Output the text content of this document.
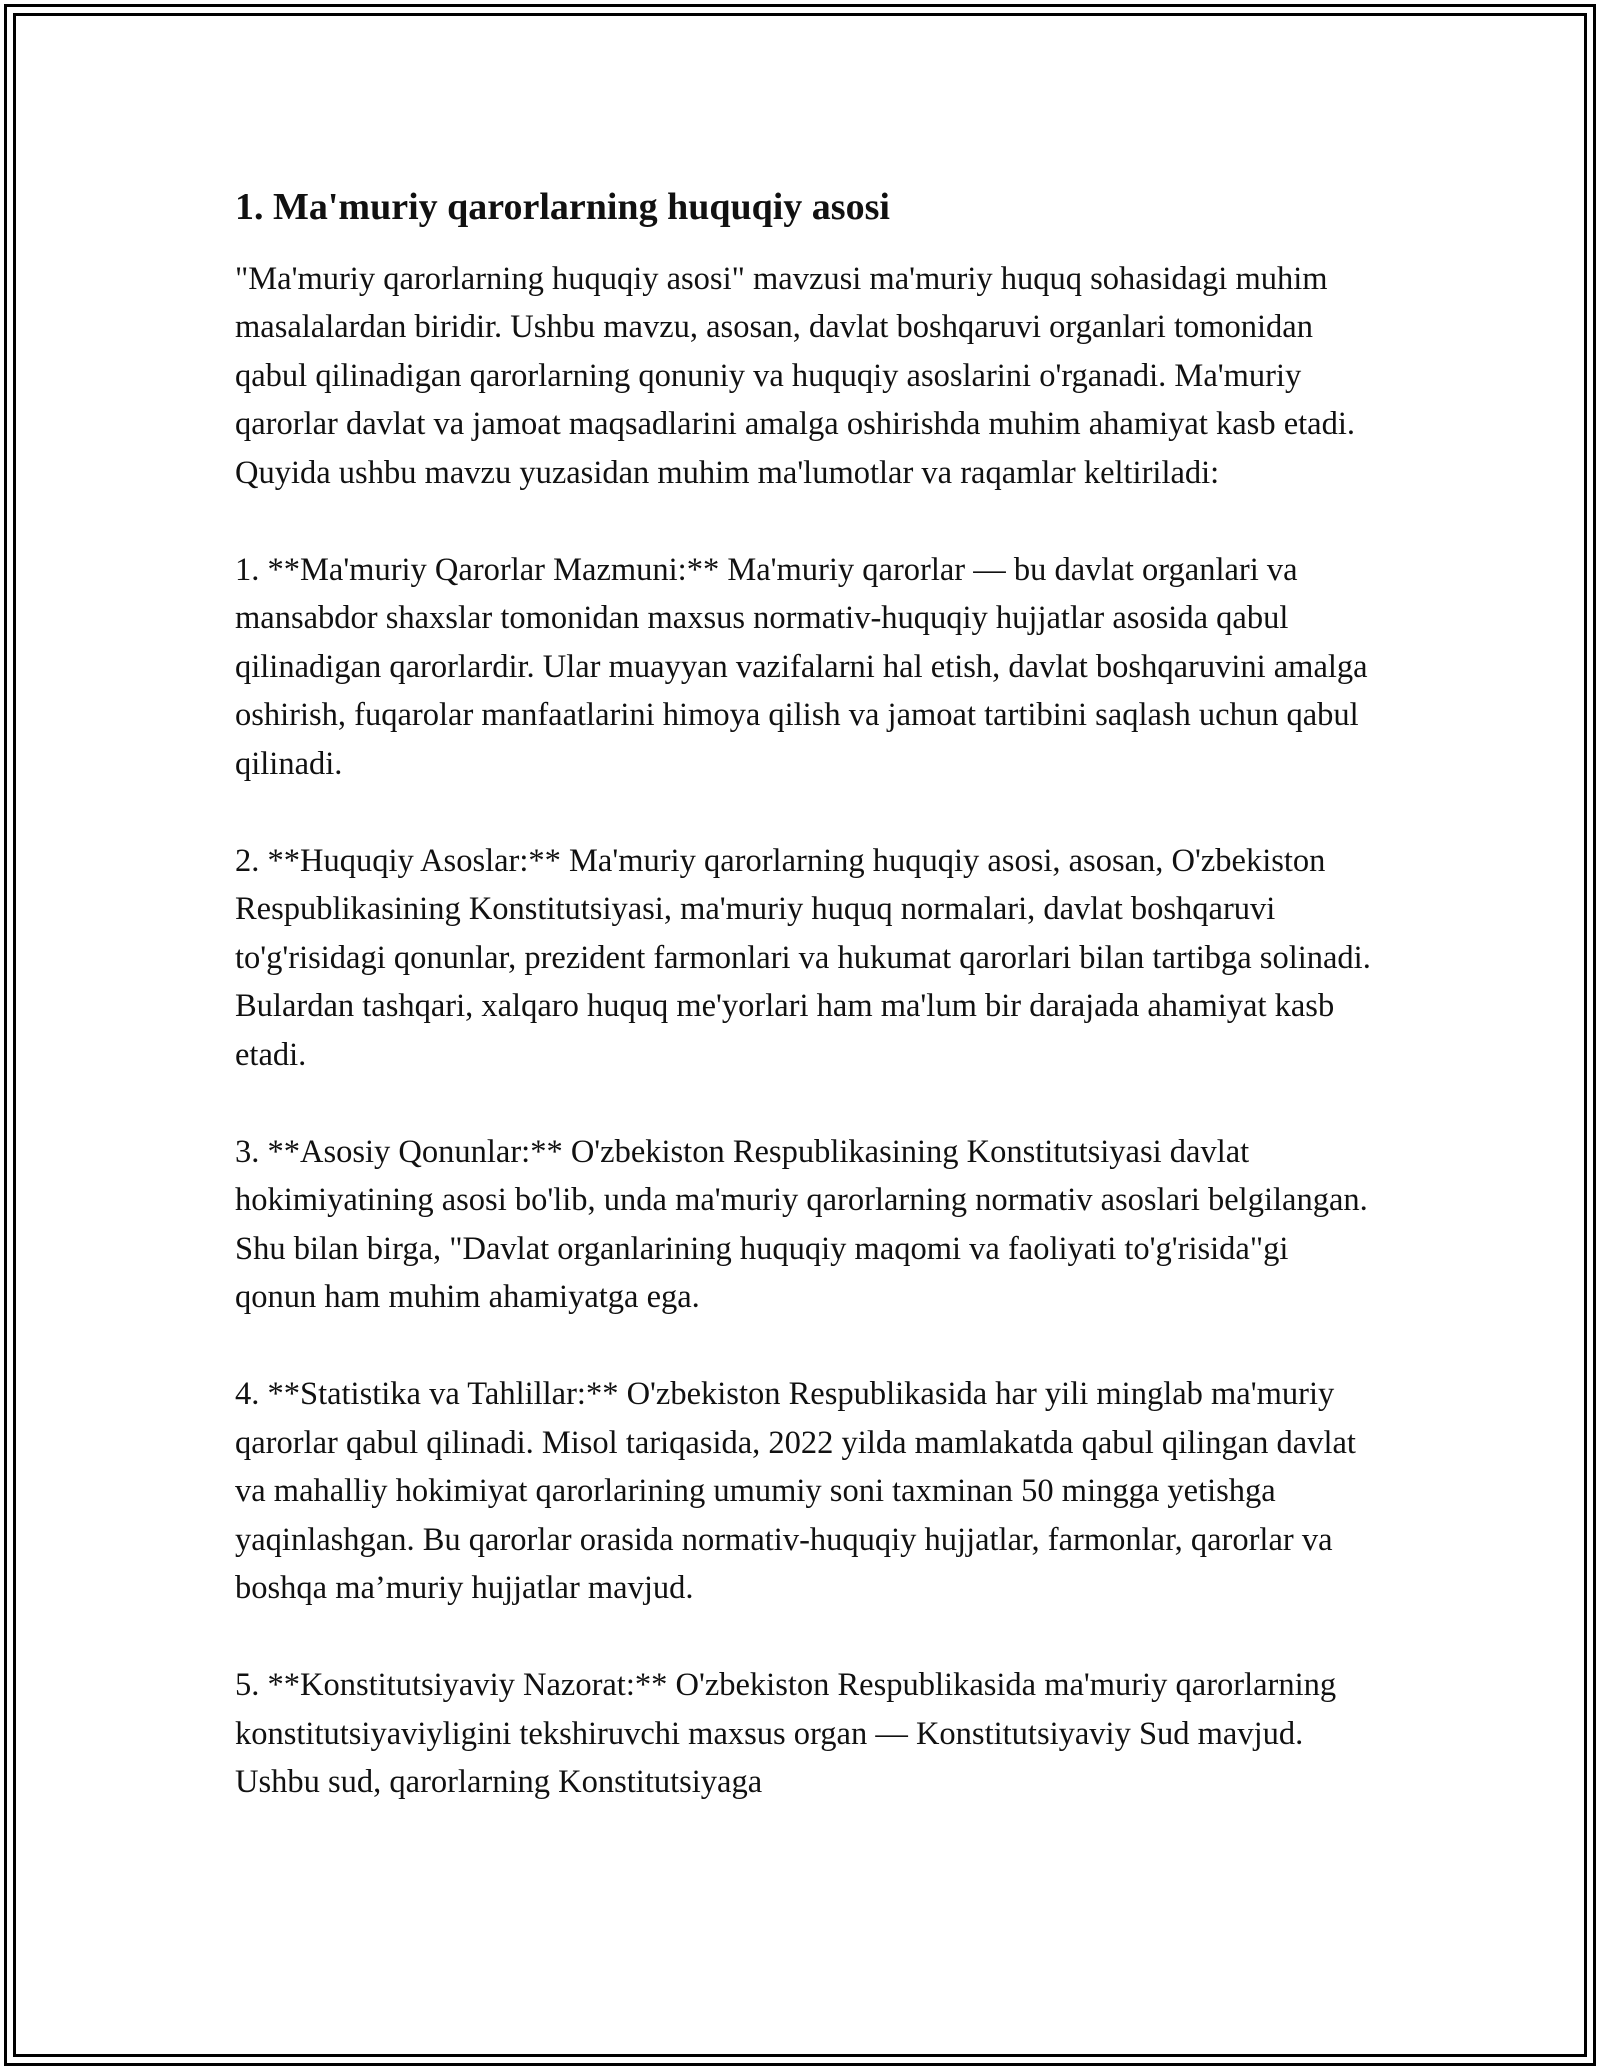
1. Ma'muriy qarorlarning huquqiy asosi

"Ma'muriy qarorlarning huquqiy asosi" mavzusi ma'muriy huquq sohasidagi muhim masalalardan biridir. Ushbu mavzu, asosan, davlat boshqaruvi organlari tomonidan qabul qilinadigan qarorlarning qonuniy va huquqiy asoslarini o'rganadi. Ma'muriy qarorlar davlat va jamoat maqsadlarini amalga oshirishda muhim ahamiyat kasb etadi. Quyida ushbu mavzu yuzasidan muhim ma'lumotlar va raqamlar keltiriladi:

1. **Ma'muriy Qarorlar Mazmuni:** Ma'muriy qarorlar — bu davlat organlari va mansabdor shaxslar tomonidan maxsus normativ-huquqiy hujjatlar asosida qabul qilinadigan qarorlardir. Ular muayyan vazifalarni hal etish, davlat boshqaruvini amalga oshirish, fuqarolar manfaatlarini himoya qilish va jamoat tartibini saqlash uchun qabul qilinadi.

2. **Huquqiy Asoslar:** Ma'muriy qarorlarning huquqiy asosi, asosan, O'zbekiston Respublikasining Konstitutsiyasi, ma'muriy huquq normalari, davlat boshqaruvi to'g'risidagi qonunlar, prezident farmonlari va hukumat qarorlari bilan tartibga solinadi. Bulardan tashqari, xalqaro huquq me'yorlari ham ma'lum bir darajada ahamiyat kasb etadi.

3. **Asosiy Qonunlar:** O'zbekiston Respublikasining Konstitutsiyasi davlat hokimiyatining asosi bo'lib, unda ma'muriy qarorlarning normativ asoslari belgilangan. Shu bilan birga, "Davlat organlarining huquqiy maqomi va faoliyati to'g'risida"gi qonun ham muhim ahamiyatga ega.

4. **Statistika va Tahlillar:** O'zbekiston Respublikasida har yili minglab ma'muriy qarorlar qabul qilinadi. Misol tariqasida, 2022 yilda mamlakatda qabul qilingan davlat va mahalliy hokimiyat qarorlarining umumiy soni taxminan 50 mingga yetishga yaqinlashgan. Bu qarorlar orasida normativ-huquqiy hujjatlar, farmonlar, qarorlar va boshqa ma’muriy hujjatlar mavjud.

5. **Konstitutsiyaviy Nazorat:** O'zbekiston Respublikasida ma'muriy qarorlarning konstitutsiyaviyligini tekshiruvchi maxsus organ — Konstitutsiyaviy Sud mavjud. Ushbu sud, qarorlarning Konstitutsiyaga
